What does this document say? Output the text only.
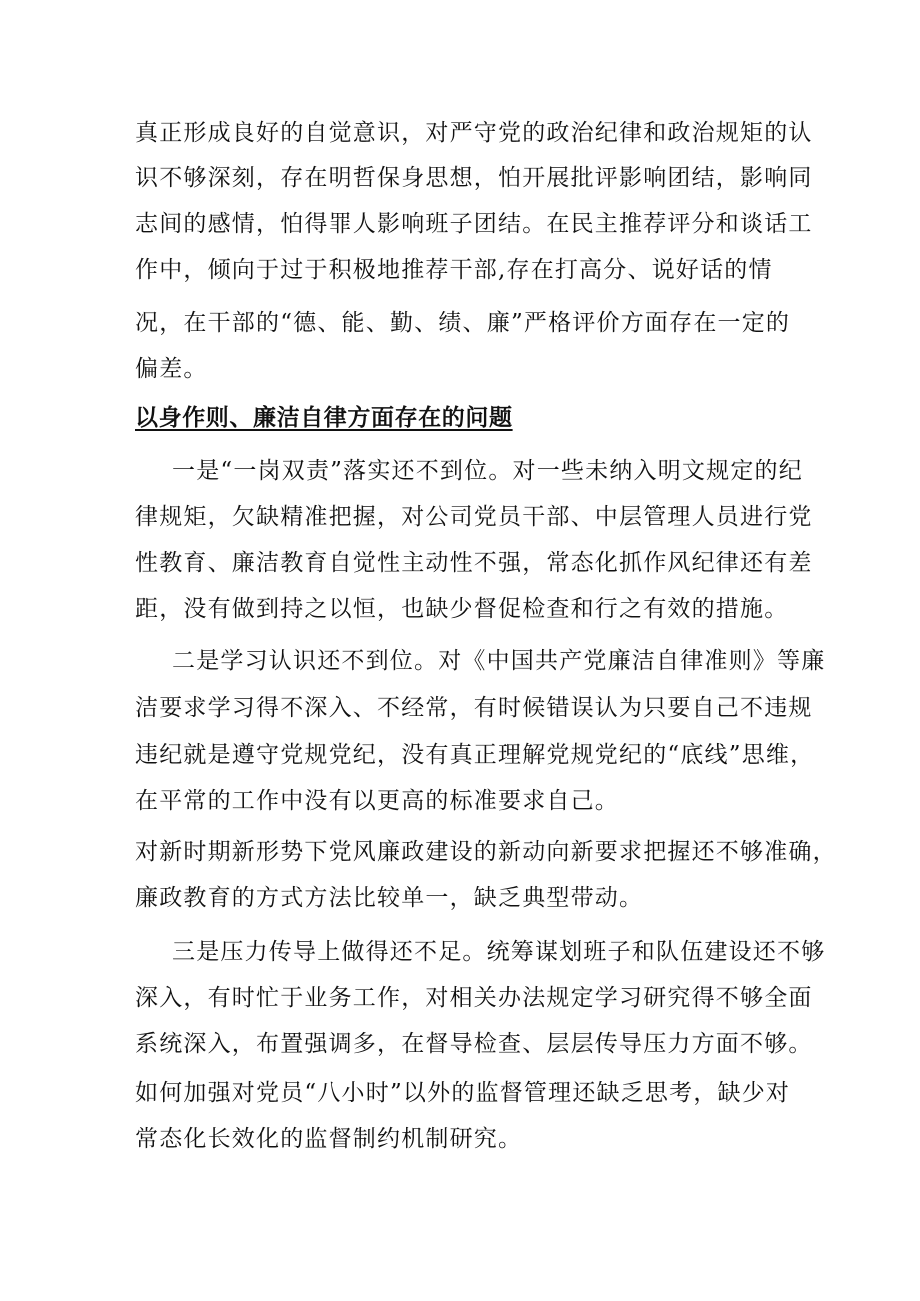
真正形成良好的自觉意识，对严守党的政治纪律和政治规矩的认
识不够深刻，存在明哲保身思想，怕开展批评影响团结，影响同
志间的感情，怕得罪人影响班子团结。在民主推荐评分和谈话工
作中，倾向于过于积极地推荐干部,存在打高分、说好话的情
况，在干部的“德、能、勤、绩、廉”严格评价方面存在一定的
偏差。
以身作则、廉洁自律方面存在的问题
一是“一岗双责”落实还不到位。对一些未纳入明文规定的纪
律规矩，欠缺精准把握，对公司党员干部、中层管理人员进行党
性教育、廉洁教育自觉性主动性不强，常态化抓作风纪律还有差
距，没有做到持之以恒，也缺少督促检查和行之有效的措施。
二是学习认识还不到位。对《中国共产党廉洁自律准则》等廉
洁要求学习得不深入、不经常，有时候错误认为只要自己不违规
违纪就是遵守党规党纪，没有真正理解党规党纪的“底线”思维，
在平常的工作中没有以更高的标准要求自己。
对新时期新形势下党风廉政建设的新动向新要求把握还不够准确，
廉政教育的方式方法比较单一，缺乏典型带动。
三是压力传导上做得还不足。统筹谋划班子和队伍建设还不够
深入，有时忙于业务工作，对相关办法规定学习研究得不够全面
系统深入，布置强调多，在督导检查、层层传导压力方面不够。
如何加强对党员“八小时”以外的监督管理还缺乏思考，缺少对
常态化长效化的监督制约机制研究。
